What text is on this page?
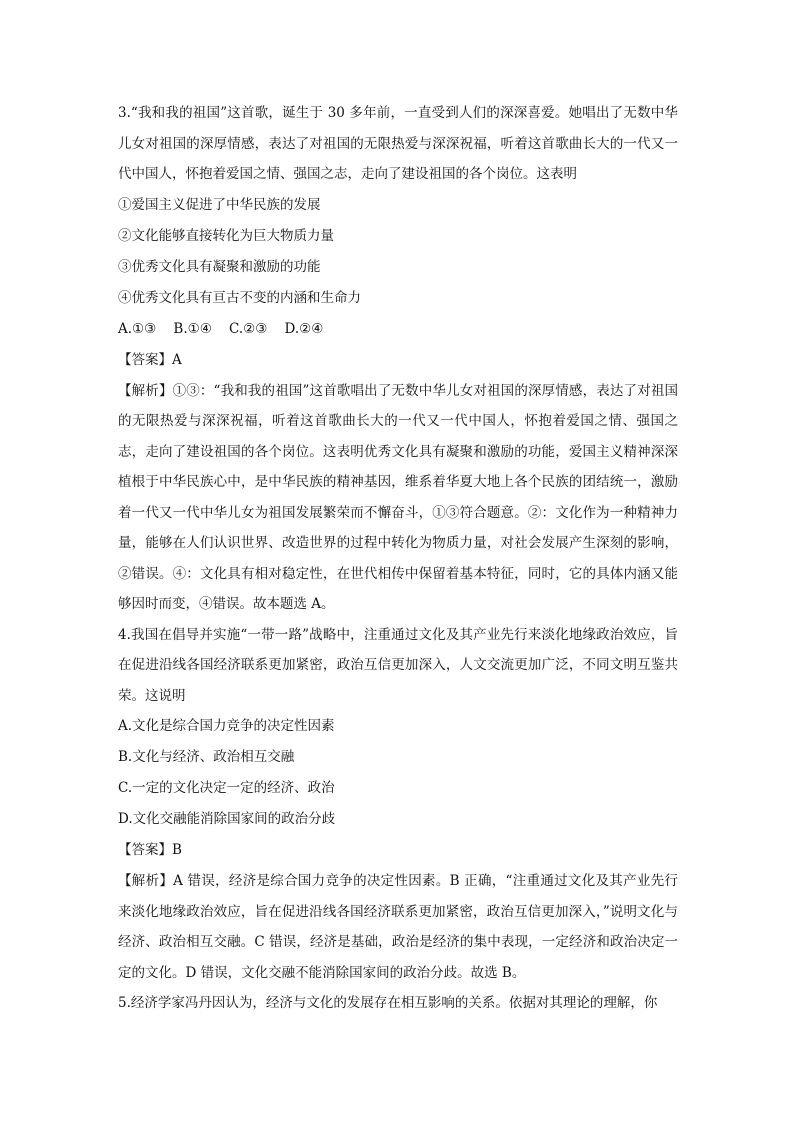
3.“我和我的祖国”这首歌，诞生于 30 多年前，一直受到人们的深深喜爱。她唱出了无数中华儿女对祖国的深厚情感，表达了对祖国的无限热爱与深深祝福，听着这首歌曲长大的一代又一代中国人，怀抱着爱国之情、强国之志，走向了建设祖国的各个岗位。这表明

①爱国主义促进了中华民族的发展

②文化能够直接转化为巨大物质力量

③优秀文化具有凝聚和激励的功能

④优秀文化具有亘古不变的内涵和生命力

A.①③    B.①④    C.②③    D.②④

【答案】A

【解析】①③：“我和我的祖国”这首歌唱出了无数中华儿女对祖国的深厚情感，表达了对祖国的无限热爱与深深祝福，听着这首歌曲长大的一代又一代中国人，怀抱着爱国之情、强国之志，走向了建设祖国的各个岗位。这表明优秀文化具有凝聚和激励的功能，爱国主义精神深深植根于中华民族心中，是中华民族的精神基因，维系着华夏大地上各个民族的团结统一，激励着一代又一代中华儿女为祖国发展繁荣而不懈奋斗，①③符合题意。②：文化作为一种精神力量，能够在人们认识世界、改造世界的过程中转化为物质力量，对社会发展产生深刻的影响，②错误。④：文化具有相对稳定性，在世代相传中保留着基本特征，同时，它的具体内涵又能够因时而变，④错误。故本题选 A。

4.我国在倡导并实施“一带一路”战略中，注重通过文化及其产业先行来淡化地缘政治效应，旨在促进沿线各国经济联系更加紧密，政治互信更加深入，人文交流更加广泛，不同文明互鉴共荣。这说明

A.文化是综合国力竞争的决定性因素

B.文化与经济、政治相互交融

C.一定的文化决定一定的经济、政治

D.文化交融能消除国家间的政治分歧

【答案】B

【解析】A 错误，经济是综合国力竞争的决定性因素。B 正确，“注重通过文化及其产业先行来淡化地缘政治效应，旨在促进沿线各国经济联系更加紧密，政治互信更加深入，”说明文化与经济、政治相互交融。C 错误，经济是基础，政治是经济的集中表现，一定经济和政治决定一定的文化。D 错误，文化交融不能消除国家间的政治分歧。故选 B。

5.经济学家冯丹因认为，经济与文化的发展存在相互影响的关系。依据对其理论的理解，你
